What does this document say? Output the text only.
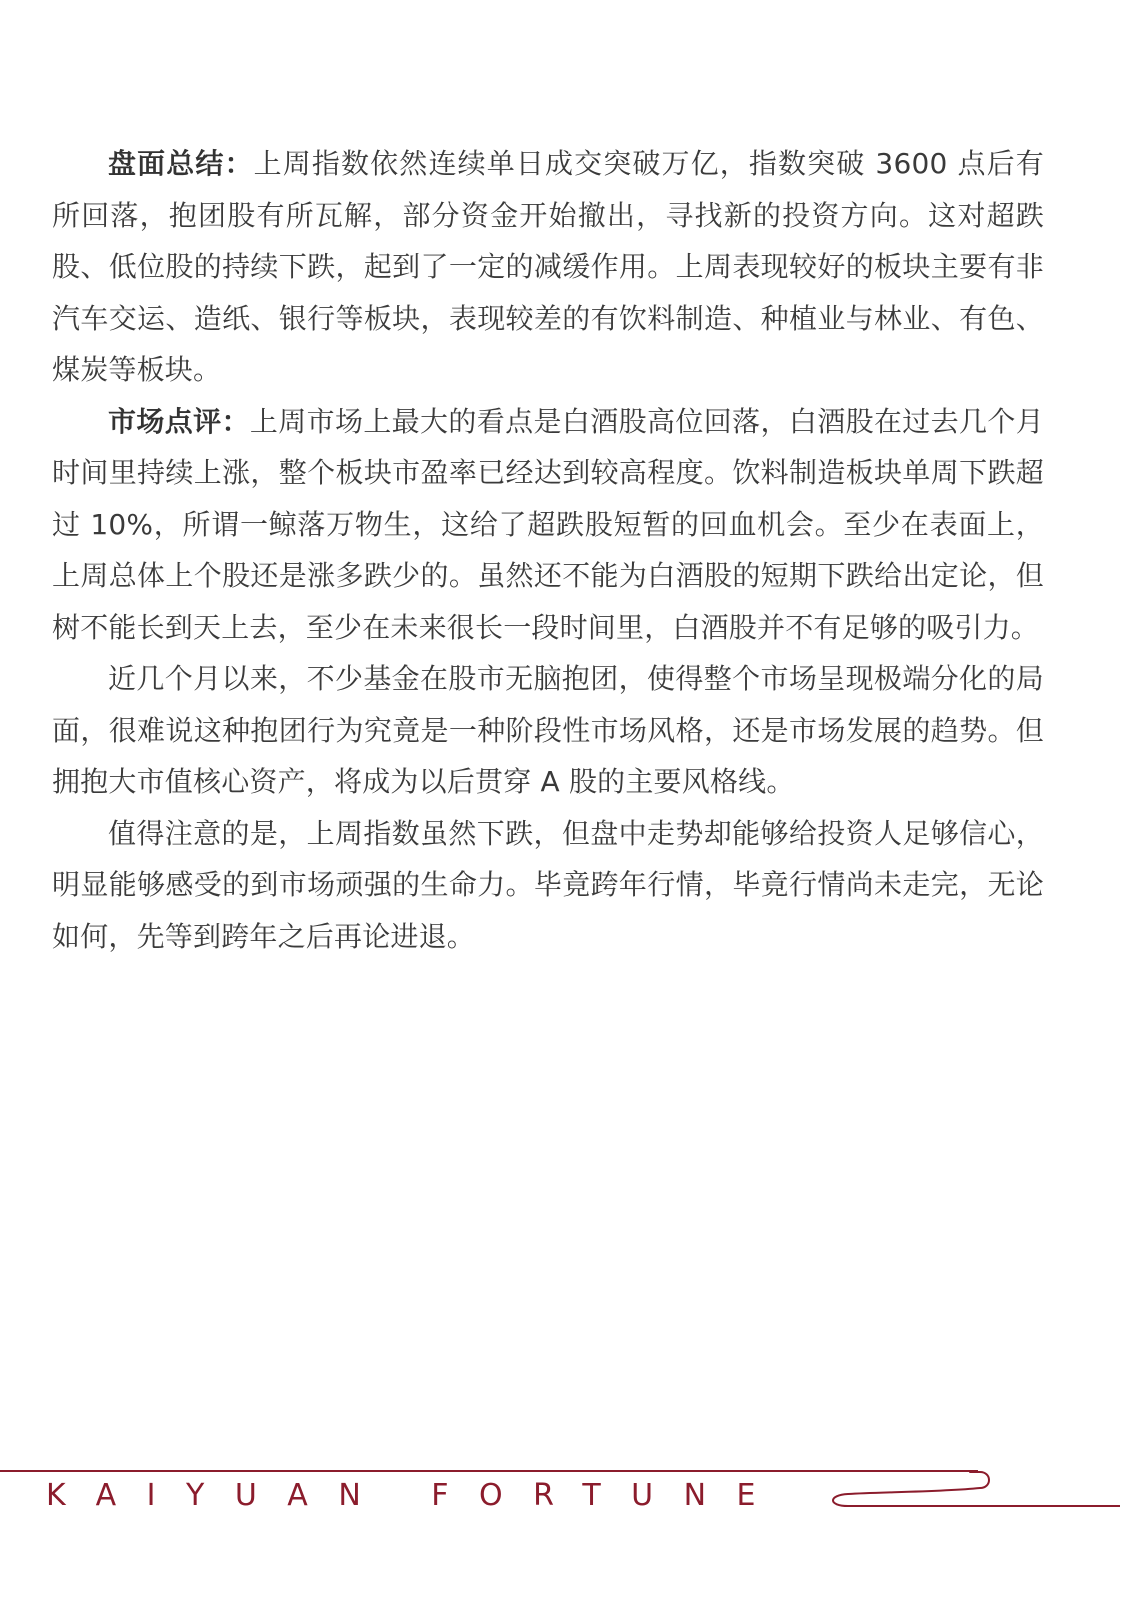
盘面总结：上周指数依然连续单日成交突破万亿，指数突破 3600 点后有所回落，抱团股有所瓦解，部分资金开始撤出，寻找新的投资方向。这对超跌股、低位股的持续下跌，起到了一定的减缓作用。上周表现较好的板块主要有非汽车交运、造纸、银行等板块，表现较差的有饮料制造、种植业与林业、有色、煤炭等板块。

市场点评：上周市场上最大的看点是白酒股高位回落，白酒股在过去几个月时间里持续上涨，整个板块市盈率已经达到较高程度。饮料制造板块单周下跌超过 10%，所谓一鲸落万物生，这给了超跌股短暂的回血机会。至少在表面上，上周总体上个股还是涨多跌少的。虽然还不能为白酒股的短期下跌给出定论，但树不能长到天上去，至少在未来很长一段时间里，白酒股并不有足够的吸引力。

近几个月以来，不少基金在股市无脑抱团，使得整个市场呈现极端分化的局面，很难说这种抱团行为究竟是一种阶段性市场风格，还是市场发展的趋势。但拥抱大市值核心资产，将成为以后贯穿 A 股的主要风格线。

值得注意的是，上周指数虽然下跌，但盘中走势却能够给投资人足够信心，明显能够感受的到市场顽强的生命力。毕竟跨年行情，毕竟行情尚未走完，无论如何，先等到跨年之后再论进退。

KAIYUAN FORTUNE
